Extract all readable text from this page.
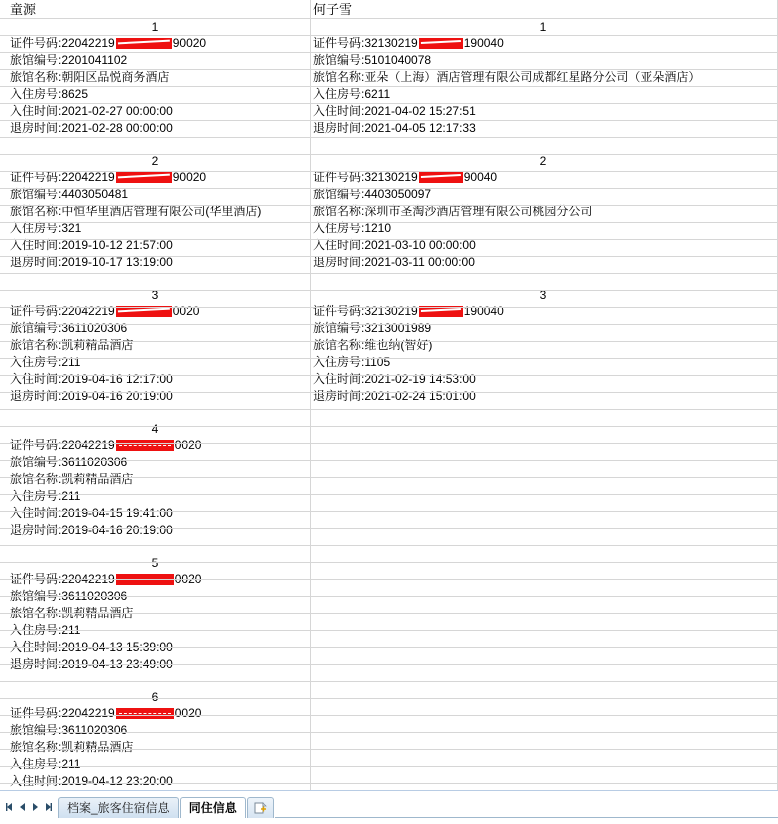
童源
1
证件号码:22042219	90020
旅馆编号:2201041102
旅馆名称:朝阳区品悦商务酒店
入住房号:8625
入住时间:2021-02-27 00:00:00
退房时间:2021-02-28 00:00:00
2
证件号码:22042219	90020
旅馆编号:4403050481
旅馆名称:中恒华里酒店管理有限公司(华里酒店)
入住房号:321
入住时间:2019-10-12 21:57:00
退房时间:2019-10-17 13:19:00
3
证件号码:22042219	0020
旅馆编号:3611020306
旅馆名称:凯莉精品酒店
入住房号:211
入住时间:2019-04-16 12:17:00
退房时间:2019-04-16 20:19:00
4
证件号码:22042219	0020
旅馆编号:3611020306
旅馆名称:凯莉精品酒店
入住房号:211
入住时间:2019-04-15 19:41:00
退房时间:2019-04-16 20:19:00
5
证件号码:22042219	0020
旅馆编号:3611020306
旅馆名称:凯莉精品酒店
入住房号:211
入住时间:2019-04-13 15:39:00
退房时间:2019-04-13 23:49:00
6
证件号码:22042219	0020
旅馆编号:3611020306
旅馆名称:凯莉精品酒店
入住房号:211
入住时间:2019-04-12 23:20:00
何子雪
1
证件号码:32130219	190040
旅馆编号:5101040078
旅馆名称:亚朵（上海）酒店管理有限公司成都红星路分公司（亚朵酒店）
入住房号:6211
入住时间:2021-04-02 15:27:51
退房时间:2021-04-05 12:17:33
2
证件号码:32130219	90040
旅馆编号:4403050097
旅馆名称:深圳市圣淘沙酒店管理有限公司桃园分公司
入住房号:1210
入住时间:2021-03-10 00:00:00
退房时间:2021-03-11 00:00:00
3
证件号码:32130219	190040
旅馆编号:3213001989
旅馆名称:维也纳(智好)
入住房号:1105
入住时间:2021-02-19 14:53:00
退房时间:2021-02-24 15:01:00
档案_旅客住宿信息	同住信息
